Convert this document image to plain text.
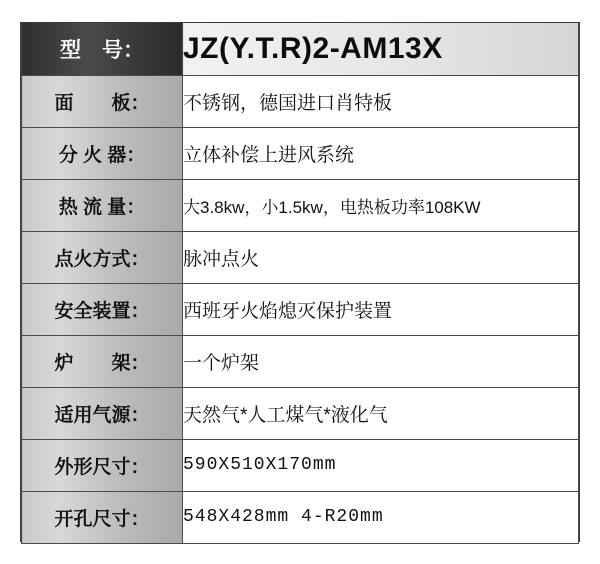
型　号：	JZ(Y.T.R)2-AM13X
面　　板：	不锈钢，德国进口肖特板
分 火 器：	立体补偿上进风系统
热 流 量：	大3.8kw，小1.5kw，电热板功率108KW
点火方式：	脉冲点火
安全装置：	西班牙火焰熄灭保护装置
炉　　架：	一个炉架
适用气源：	天然气*人工煤气*液化气
外形尺寸：	590X510X170mm
开孔尺寸：	548X428mm 4-R20mm
